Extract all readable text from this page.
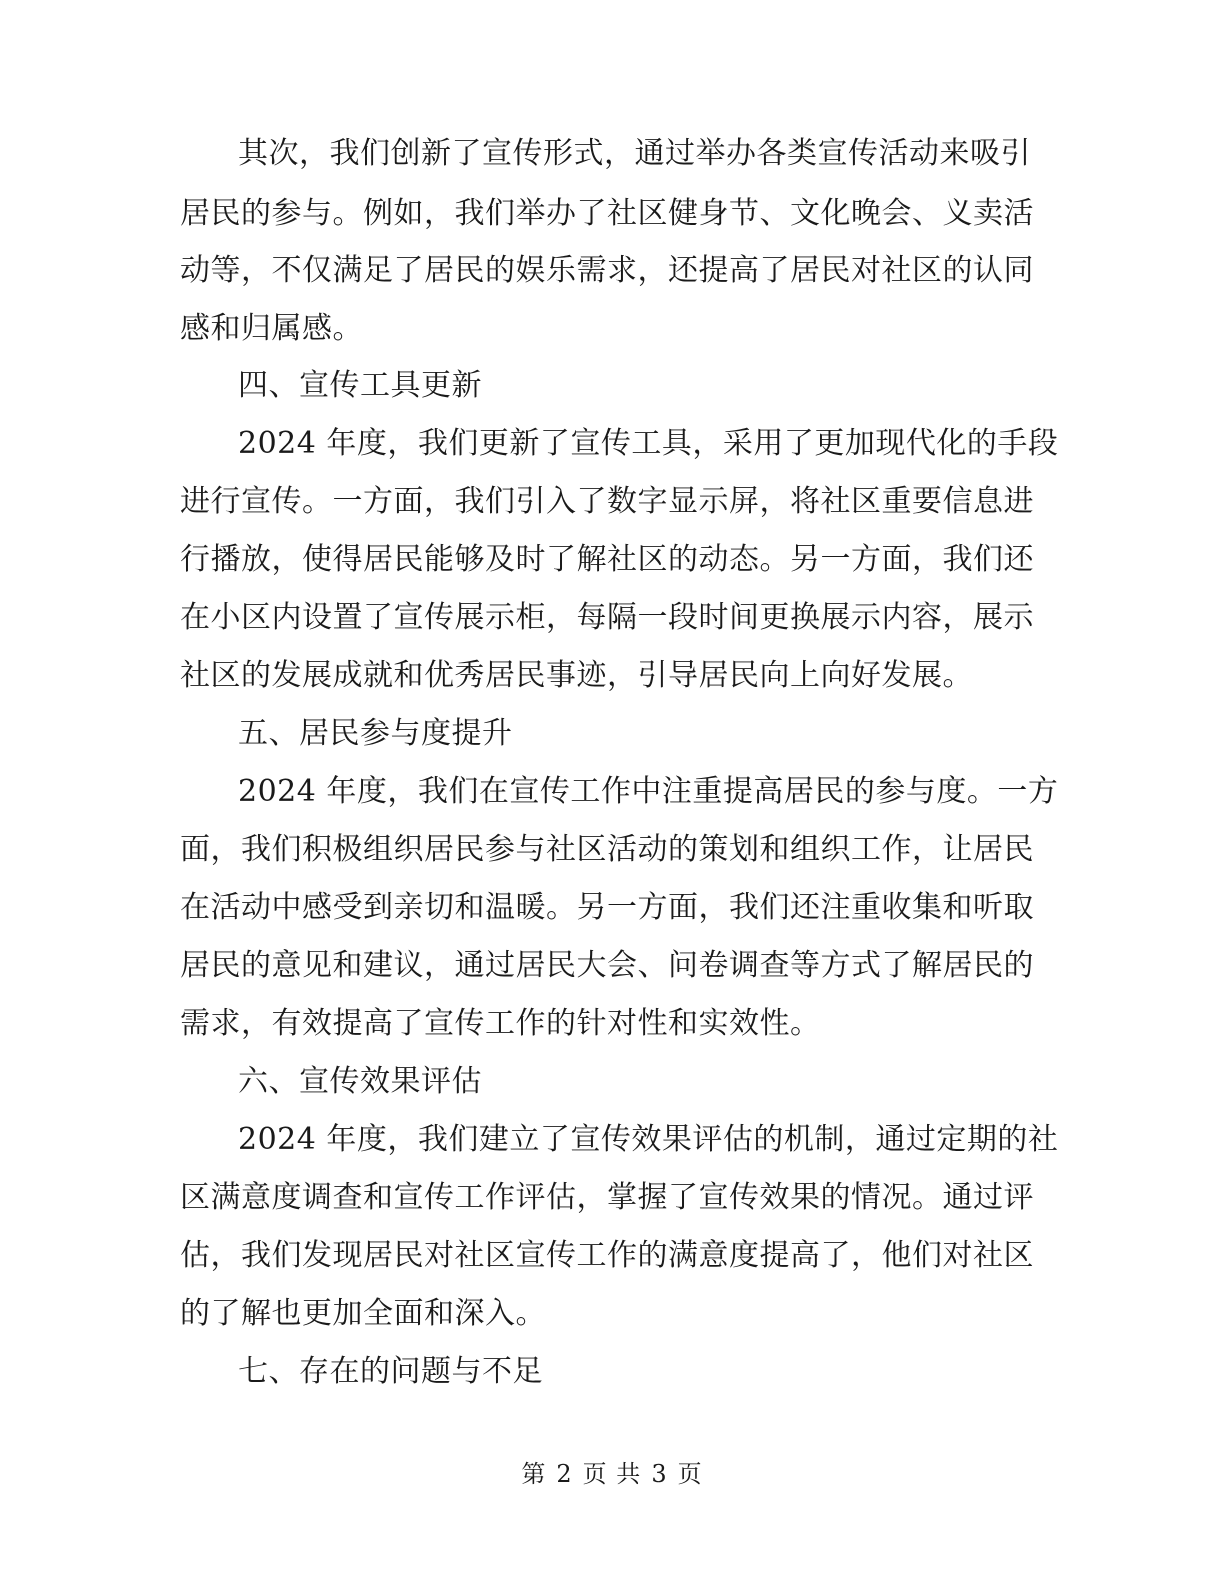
其次，我们创新了宣传形式，通过举办各类宣传活动来吸引
居民的参与。例如，我们举办了社区健身节、文化晚会、义卖活
动等，不仅满足了居民的娱乐需求，还提高了居民对社区的认同
感和归属感。
四、宣传工具更新
2024 年度，我们更新了宣传工具，采用了更加现代化的手段
进行宣传。一方面，我们引入了数字显示屏，将社区重要信息进
行播放，使得居民能够及时了解社区的动态。另一方面，我们还
在小区内设置了宣传展示柜，每隔一段时间更换展示内容，展示
社区的发展成就和优秀居民事迹，引导居民向上向好发展。
五、居民参与度提升
2024 年度，我们在宣传工作中注重提高居民的参与度。一方
面，我们积极组织居民参与社区活动的策划和组织工作，让居民
在活动中感受到亲切和温暖。另一方面，我们还注重收集和听取
居民的意见和建议，通过居民大会、问卷调查等方式了解居民的
需求，有效提高了宣传工作的针对性和实效性。
六、宣传效果评估
2024 年度，我们建立了宣传效果评估的机制，通过定期的社
区满意度调查和宣传工作评估，掌握了宣传效果的情况。通过评
估，我们发现居民对社区宣传工作的满意度提高了，他们对社区
的了解也更加全面和深入。
七、存在的问题与不足
第 2 页 共 3 页
